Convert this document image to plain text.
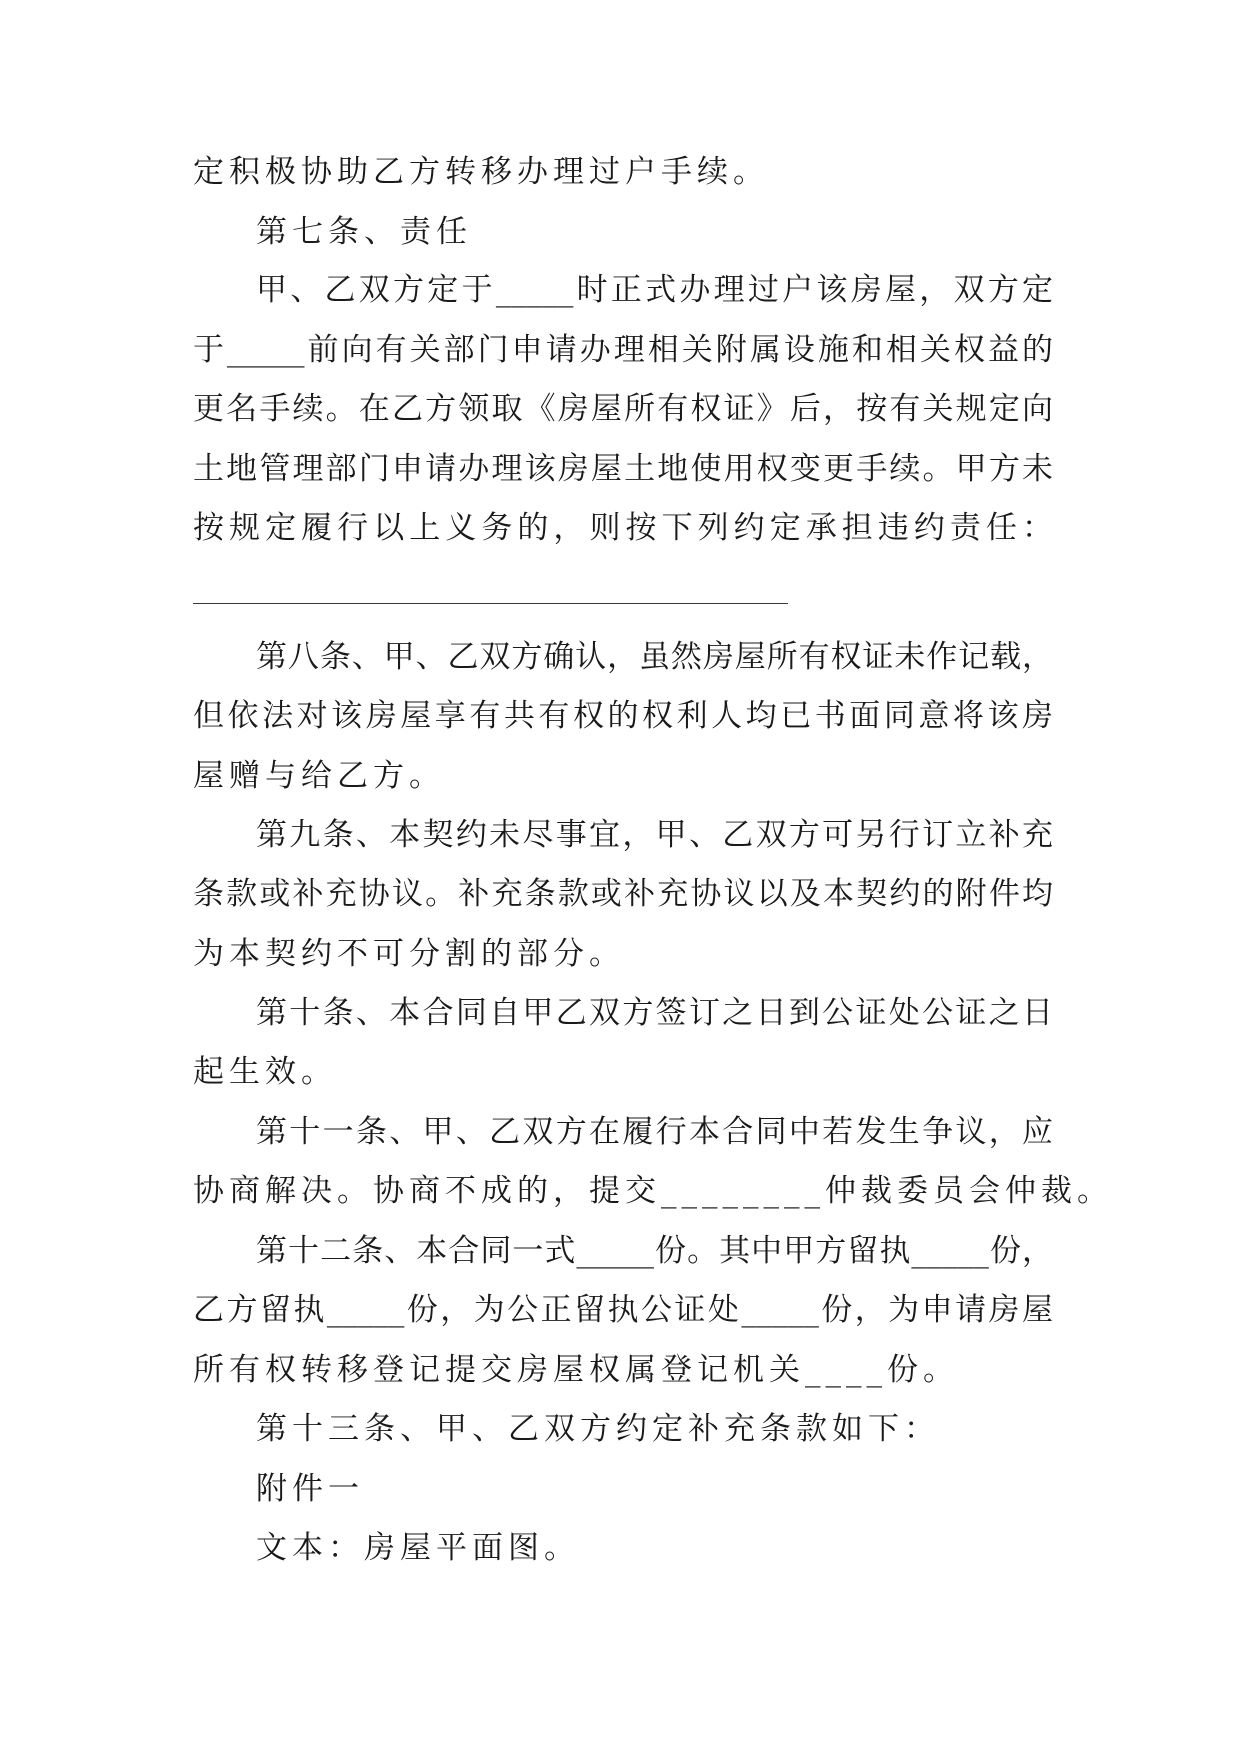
定积极协助乙方转移办理过户手续。
第七条、责任
甲、乙双方定于_____时正式办理过户该房屋，双方定
于_____前向有关部门申请办理相关附属设施和相关权益的
更名手续。在乙方领取《房屋所有权证》后，按有关规定向
土地管理部门申请办理该房屋土地使用权变更手续。甲方未
按规定履行以上义务的，则按下列约定承担违约责任：
第八条、甲、乙双方确认，虽然房屋所有权证未作记载，
但依法对该房屋享有共有权的权利人均已书面同意将该房
屋赠与给乙方。
第九条、本契约未尽事宜，甲、乙双方可另行订立补充
条款或补充协议。补充条款或补充协议以及本契约的附件均
为本契约不可分割的部分。
第十条、本合同自甲乙双方签订之日到公证处公证之日
起生效。
第十一条、甲、乙双方在履行本合同中若发生争议，应
协商解决。协商不成的，提交________仲裁委员会仲裁。
第十二条、本合同一式_____份。其中甲方留执_____份，
乙方留执_____份，为公正留执公证处_____份，为申请房屋
所有权转移登记提交房屋权属登记机关____份。
第十三条、甲、乙双方约定补充条款如下：
附件一
文本：房屋平面图。
